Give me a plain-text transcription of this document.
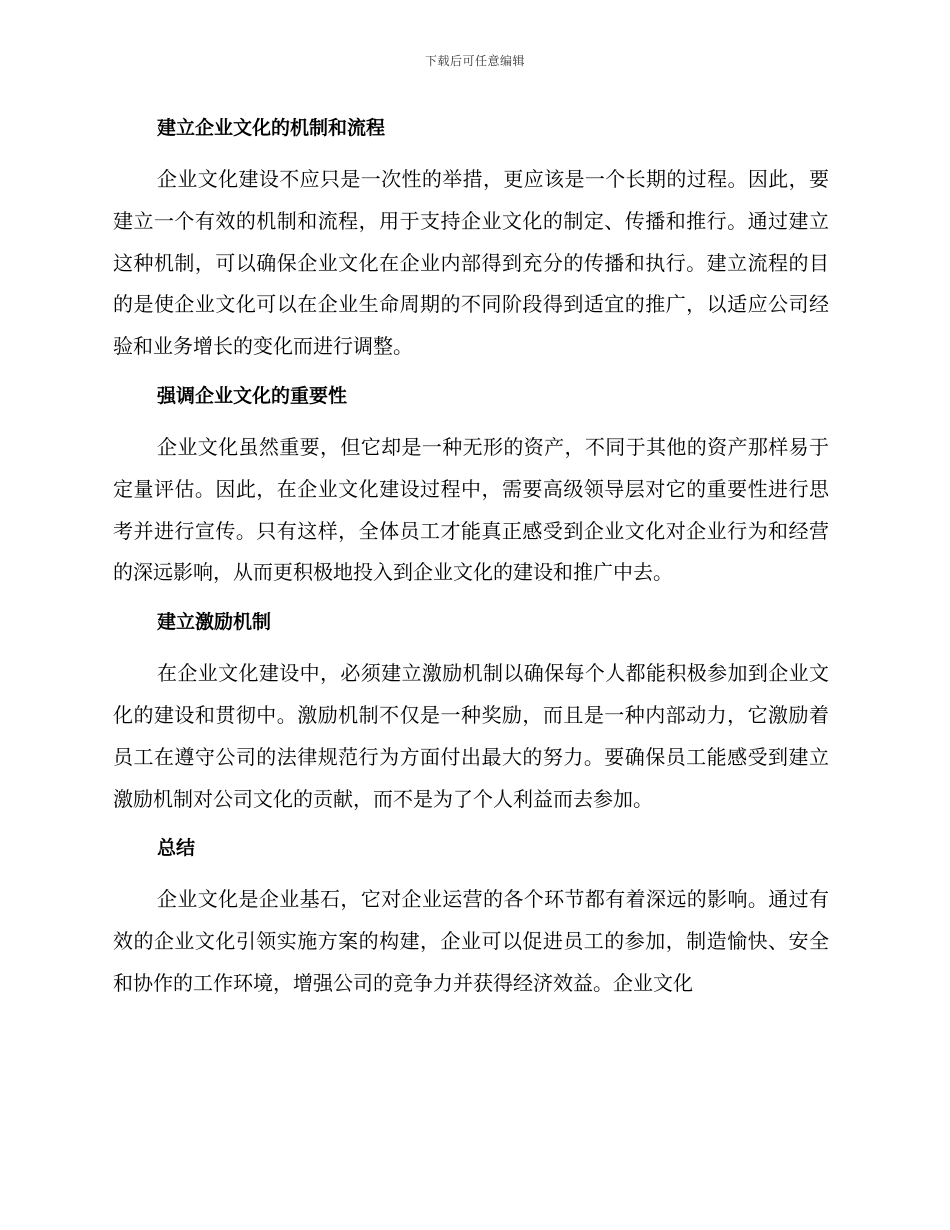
下载后可任意编辑
建立企业文化的机制和流程

企业文化建设不应只是一次性的举措，更应该是一个长期的过程。因此，要建立一个有效的机制和流程，用于支持企业文化的制定、传播和推行。通过建立这种机制，可以确保企业文化在企业内部得到充分的传播和执行。建立流程的目的是使企业文化可以在企业生命周期的不同阶段得到适宜的推广，以适应公司经验和业务增长的变化而进行调整。

强调企业文化的重要性

企业文化虽然重要，但它却是一种无形的资产，不同于其他的资产那样易于定量评估。因此，在企业文化建设过程中，需要高级领导层对它的重要性进行思考并进行宣传。只有这样，全体员工才能真正感受到企业文化对企业行为和经营的深远影响，从而更积极地投入到企业文化的建设和推广中去。

建立激励机制

在企业文化建设中，必须建立激励机制以确保每个人都能积极参加到企业文化的建设和贯彻中。激励机制不仅是一种奖励，而且是一种内部动力，它激励着员工在遵守公司的法律规范行为方面付出最大的努力。要确保员工能感受到建立激励机制对公司文化的贡献，而不是为了个人利益而去参加。

总结

企业文化是企业基石，它对企业运营的各个环节都有着深远的影响。通过有效的企业文化引领实施方案的构建，企业可以促进员工的参加，制造愉快、安全和协作的工作环境，增强公司的竞争力并获得经济效益。企业文化
